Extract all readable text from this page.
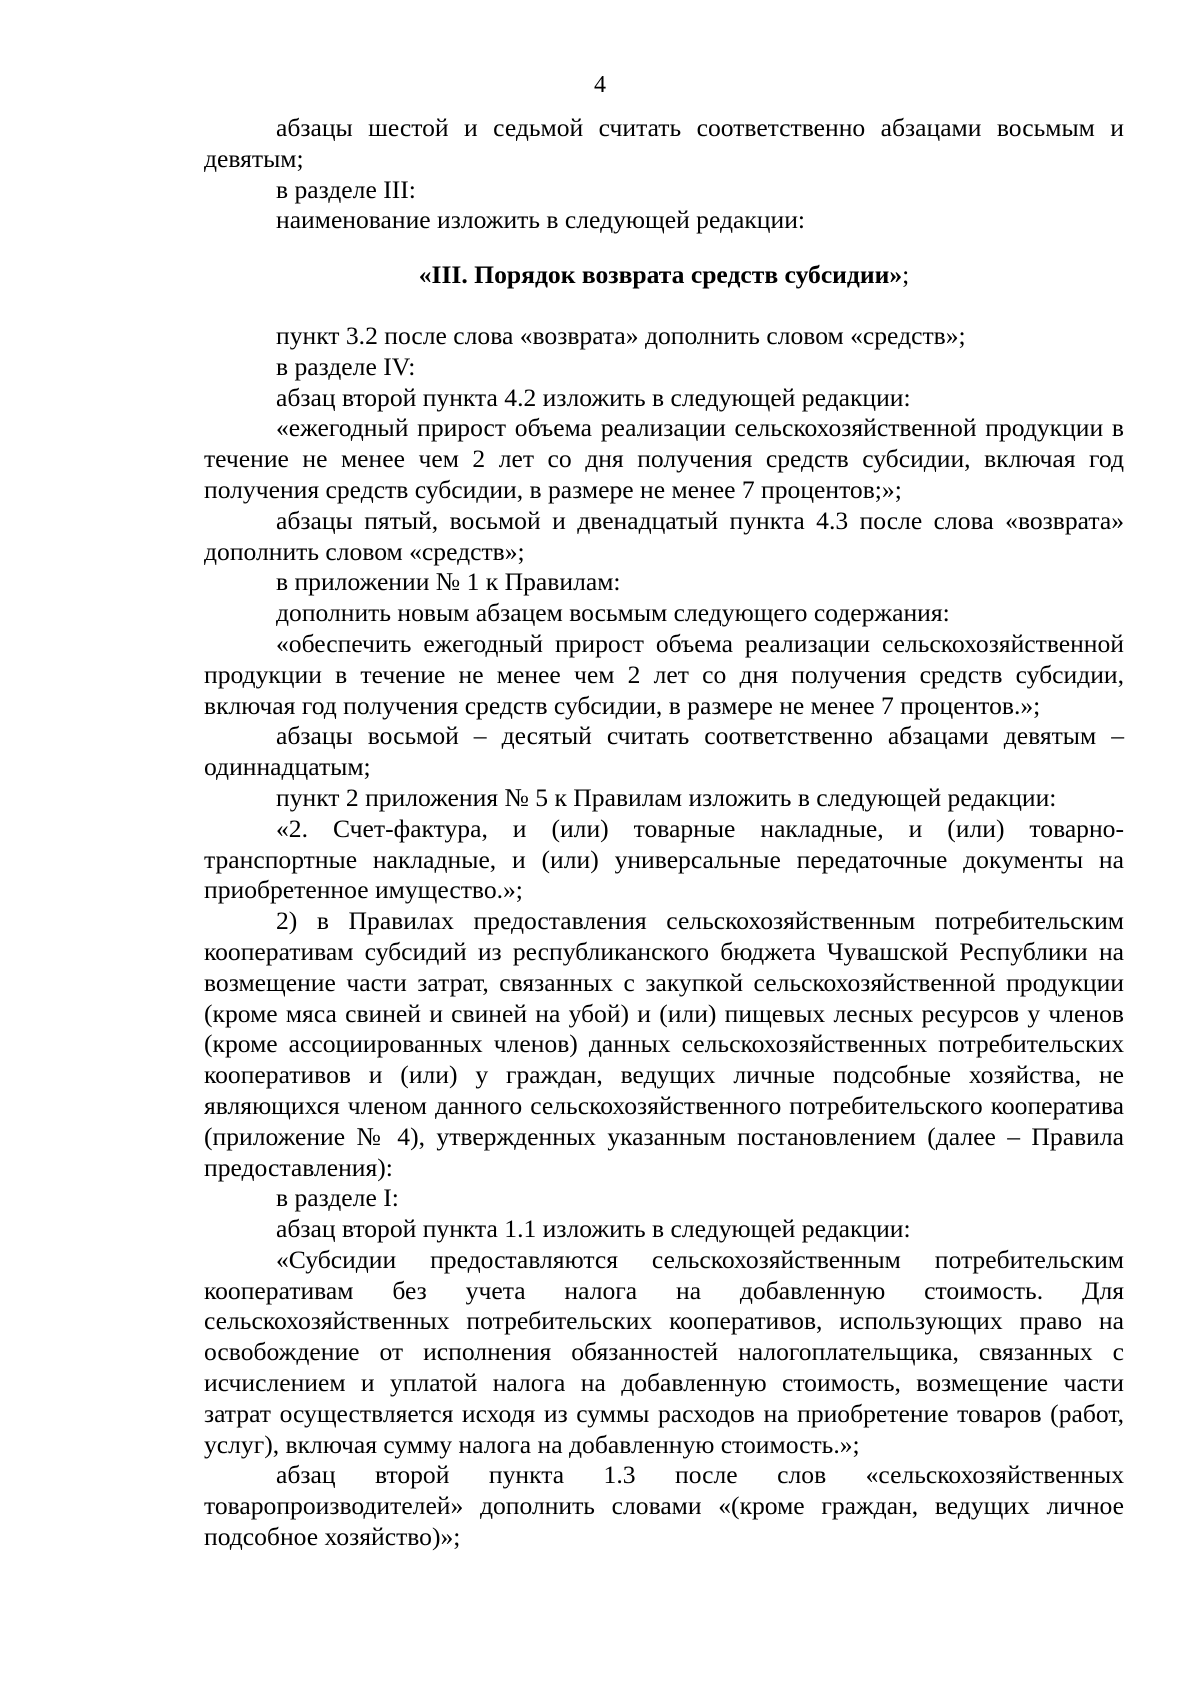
4

абзацы шестой и седьмой считать соответственно абзацами восьмым и девятым;

в разделе III:

наименование изложить в следующей редакции:

«III. Порядок возврата средств субсидии»;

пункт 3.2 после слова «возврата» дополнить словом «средств»;

в разделе IV:

абзац второй пункта 4.2 изложить в следующей редакции:

«ежегодный прирост объема реализации сельскохозяйственной продукции в течение не менее чем 2 лет со дня получения средств субсидии, включая год получения средств субсидии, в размере не менее 7 процентов;»;

абзацы пятый, восьмой и двенадцатый пункта 4.3 после слова «возврата» дополнить словом «средств»;

в приложении № 1 к Правилам:

дополнить новым абзацем восьмым следующего содержания:

«обеспечить ежегодный прирост объема реализации сельскохозяйственной продукции в течение не менее чем 2 лет со дня получения средств субсидии, включая год получения средств субсидии, в размере не менее 7 процентов.»;

абзацы восьмой – десятый считать соответственно абзацами девятым – одиннадцатым;

пункт 2 приложения № 5 к Правилам изложить в следующей редакции:

«2. Счет-фактура, и (или) товарные накладные, и (или) товарно-транспортные накладные, и (или) универсальные передаточные документы на приобретенное имущество.»;

2) в Правилах предоставления сельскохозяйственным потребительским кооперативам субсидий из республиканского бюджета Чувашской Республики на возмещение части затрат, связанных с закупкой сельскохозяйственной продукции (кроме мяса свиней и свиней на убой) и (или) пищевых лесных ресурсов у членов (кроме ассоциированных членов) данных сельскохозяйственных потребительских кооперативов и (или) у граждан, ведущих личные подсобные хозяйства, не являющихся членом данного сельскохозяйственного потребительского кооператива (приложение № 4), утвержденных указанным постановлением (далее – Правила предоставления):

в разделе I:

абзац второй пункта 1.1 изложить в следующей редакции:

«Субсидии предоставляются сельскохозяйственным потребительским кооперативам без учета налога на добавленную стоимость. Для сельскохозяйственных потребительских кооперативов, использующих право на освобождение от исполнения обязанностей налогоплательщика, связанных с исчислением и уплатой налога на добавленную стоимость, возмещение части затрат осуществляется исходя из суммы расходов на приобретение товаров (работ, услуг), включая сумму налога на добавленную стоимость.»;

абзац второй пункта 1.3 после слов «сельскохозяйственных товаропроизводителей» дополнить словами «(кроме граждан, ведущих личное подсобное хозяйство)»;
